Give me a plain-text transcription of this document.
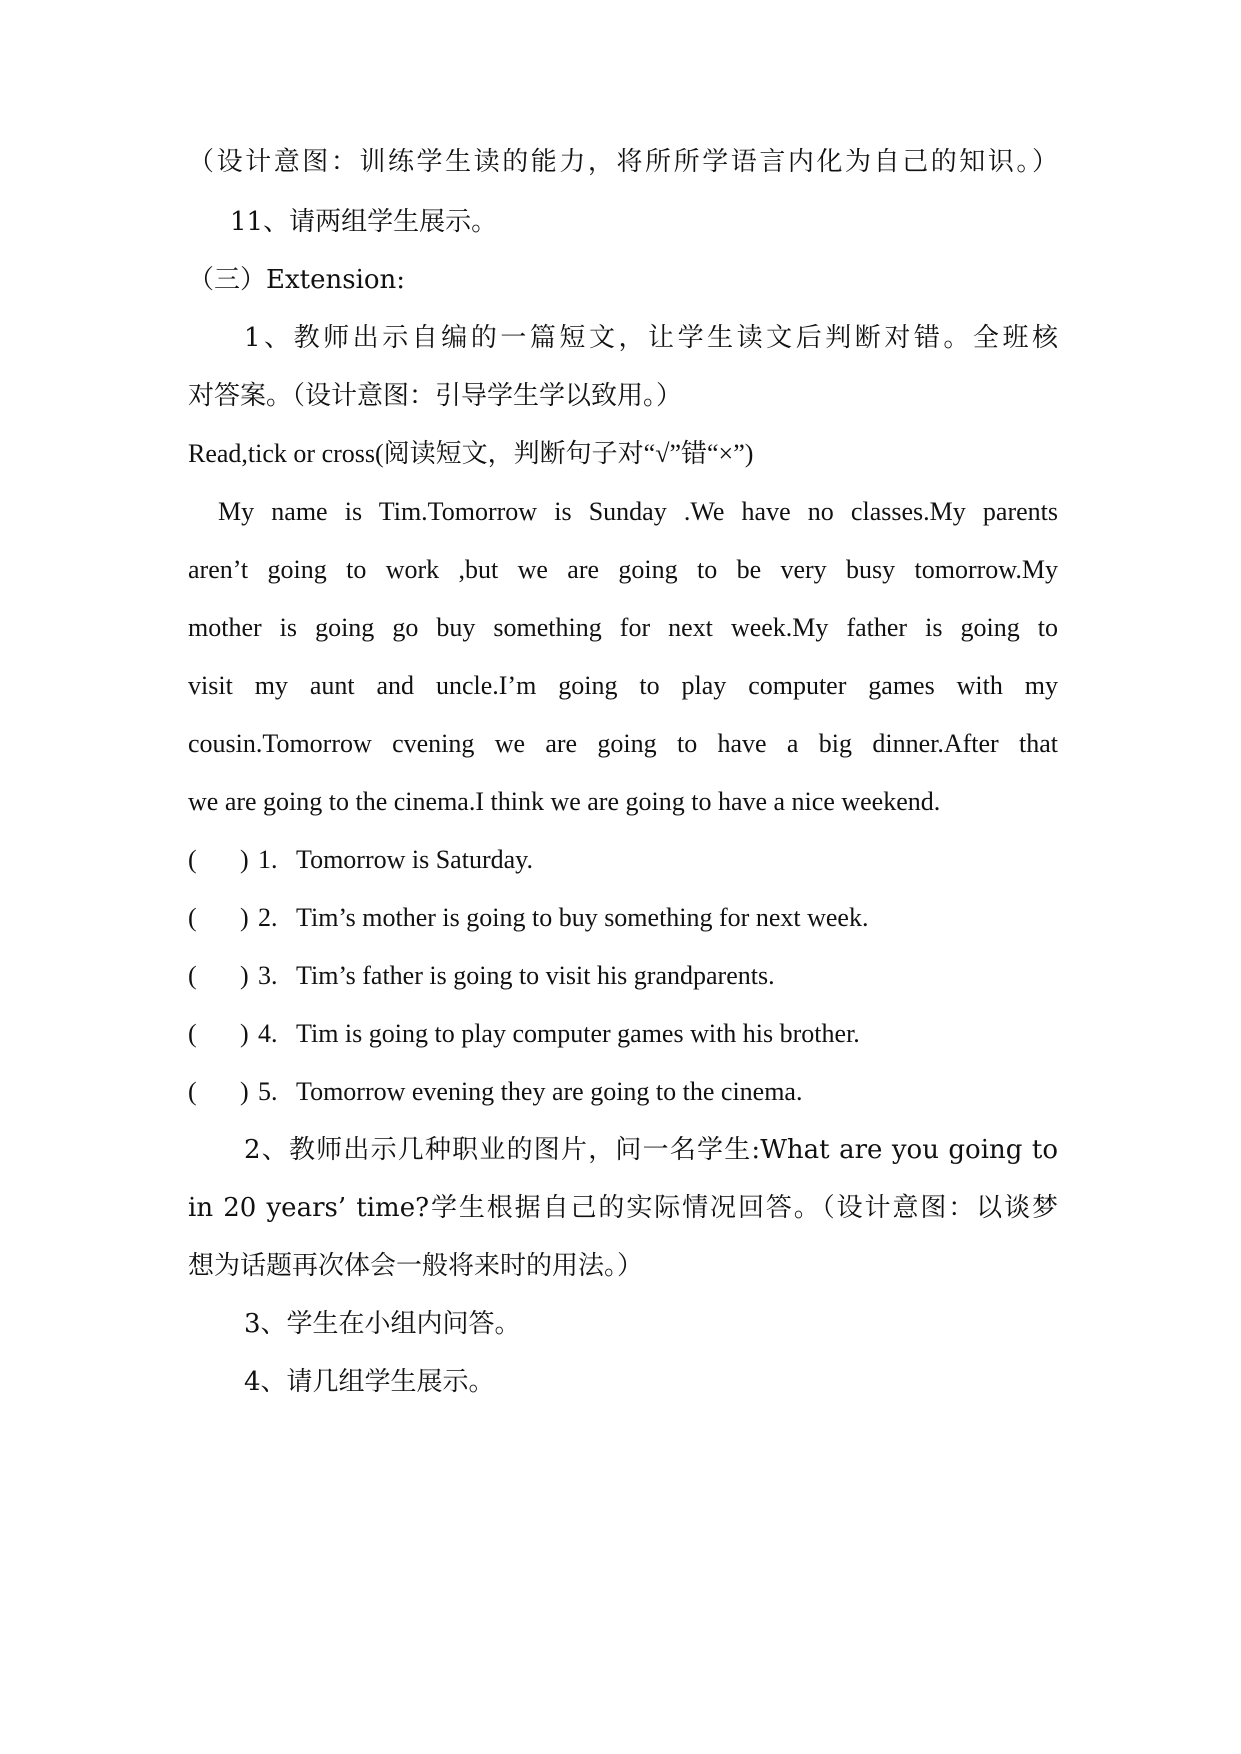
（设计意图：训练学生读的能力，将所所学语言内化为自己的知识。）
11、请两组学生展示。
（三）Extension:
1、教师出示自编的一篇短文，让学生读文后判断对错。全班核
对答案。（设计意图：引导学生学以致用。）
Read,tick or cross(阅读短文，判断句子对“√”错“×”)
My name is Tim.Tomorrow is Sunday .We have no classes.My parents
aren’t going to work ,but we are going to be very busy tomorrow.My
mother is going go buy something for next week.My father is going to
visit my aunt and uncle.I’m going to play computer games with my
cousin.Tomorrow cvening we are going to have a big dinner.After that
we are going to the cinema.I think we are going to have a nice weekend.
( ) 1. Tomorrow is Saturday.
( ) 2. Tim’s mother is going to buy something for next week.
( ) 3. Tim’s father is going to visit his grandparents.
( ) 4. Tim is going to play computer games with his brother.
( ) 5. Tomorrow evening they are going to the cinema.
2、教师出示几种职业的图片，问一名学生:What are you going to
in 20 years’ time?学生根据自己的实际情况回答。（设计意图：以谈梦
想为话题再次体会一般将来时的用法。）
3、学生在小组内问答。
4、请几组学生展示。
